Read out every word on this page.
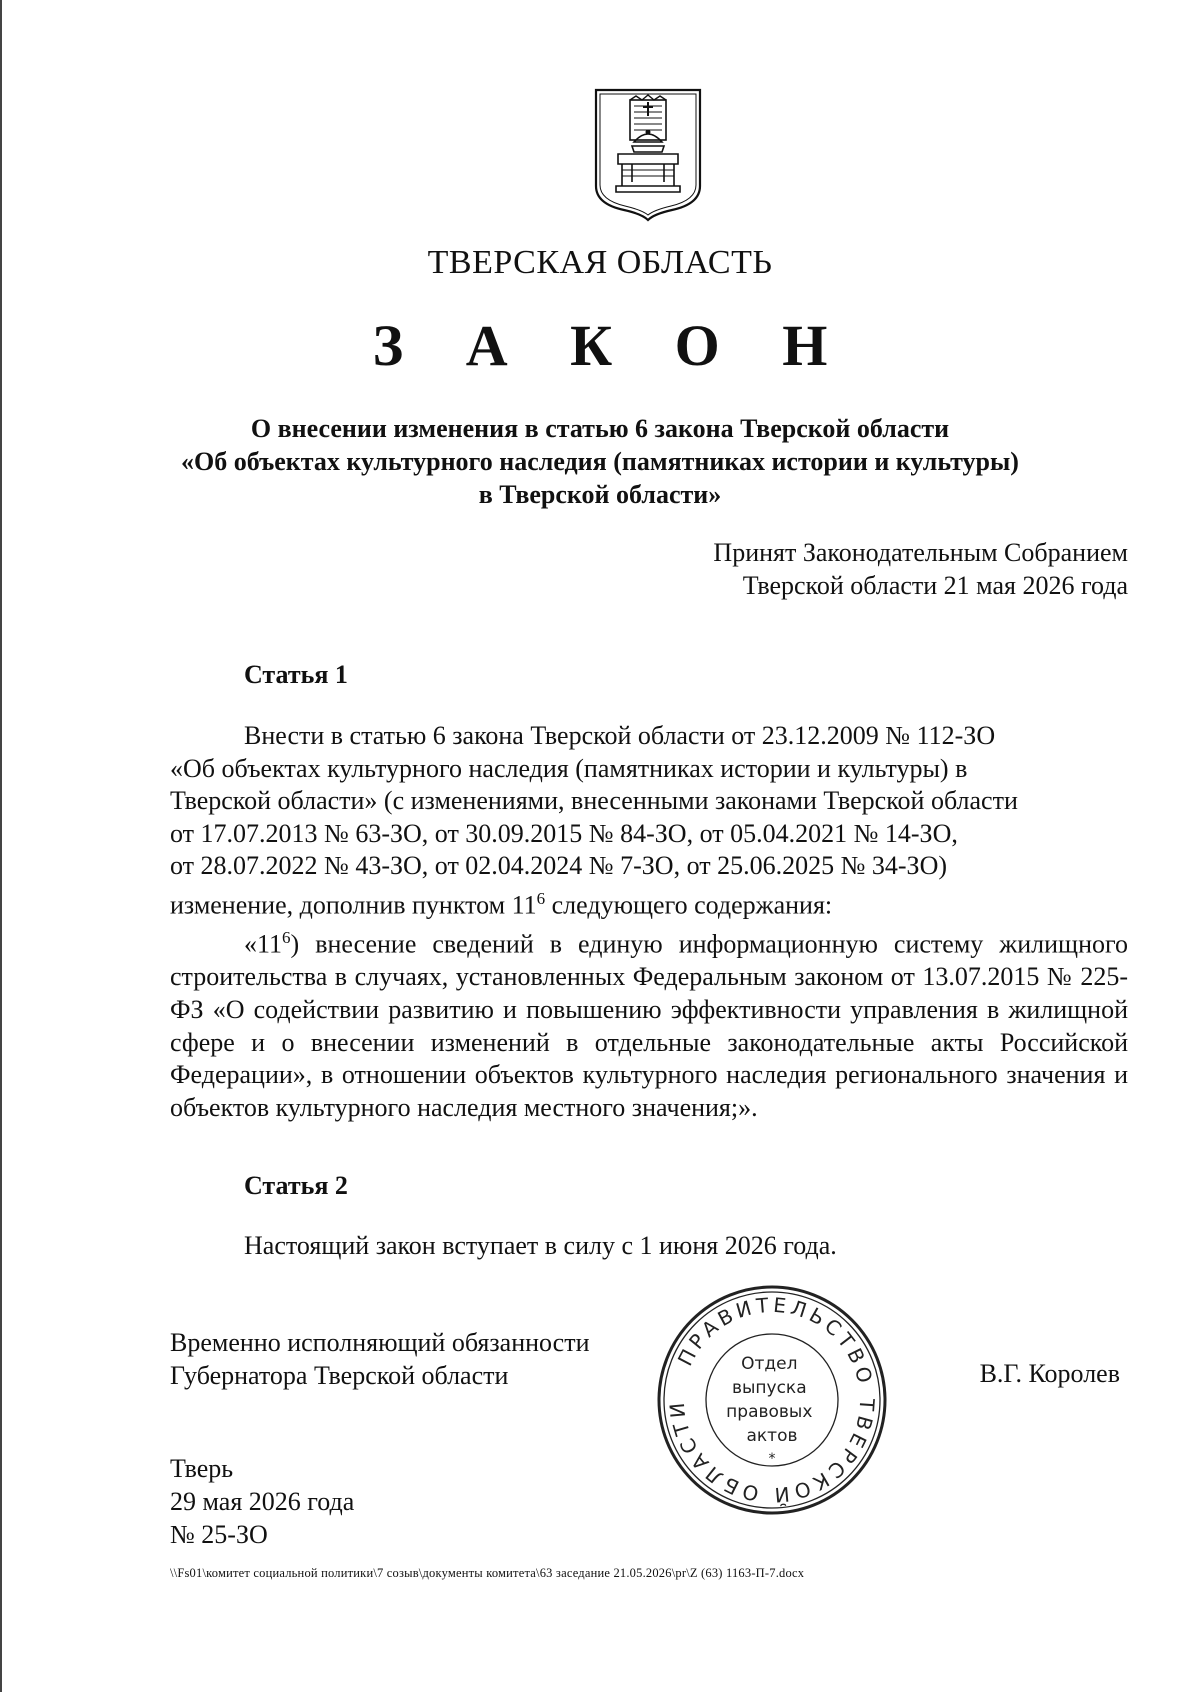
ТВЕРСКАЯ ОБЛАСТЬ
З А К О Н
О внесении изменения в статью 6 закона Тверской области
«Об объектах культурного наследия (памятниках истории и культуры)
в Тверской области»
Принят Законодательным Собранием
Тверской области 21 мая 2026 года
Статья 1

Внести в статью 6 закона Тверской области от 23.12.2009 № 112-ЗО

«Об объектах культурного наследия (памятниках истории и культуры) в

Тверской области» (с изменениями, внесенными законами Тверской области

от 17.07.2013 № 63-ЗО, от 30.09.2015 № 84-ЗО, от 05.04.2021 № 14-ЗО,

от 28.07.2022 № 43-ЗО, от 02.04.2024 № 7-ЗО, от 25.06.2025 № 34-ЗО)

изменение, дополнив пунктом $11^6$ следующего содержания:

«$11^6$) внесение сведений в единую информационную систему жилищного строительства в случаях, установленных Федеральным законом от 13.07.2015 № 225-ФЗ «О содействии развитию и повышению эффективности управления в жилищной сфере и о внесении изменений в отдельные законодательные акты Российской Федерации», в отношении объектов культурного наследия регионального значения и объектов культурного наследия местного значения;».

Статья 2
Настоящий закон вступает в силу с 1 июня 2026 года.
Временно исполняющий обязанности
Губернатора Тверской области
ПРАВИТЕЛЬСТВО ТВЕРСКОЙ ОБЛАСТИ
*
Отдел выпуска правовых актов
В.Г. Королев
Тверь
29 мая 2026 года
№ 25-ЗО
\\Fs01\комитет социальной политики\7 созыв\документы комитета\63 заседание 21.05.2026\pr\Z (63) 1163-П-7.docx
